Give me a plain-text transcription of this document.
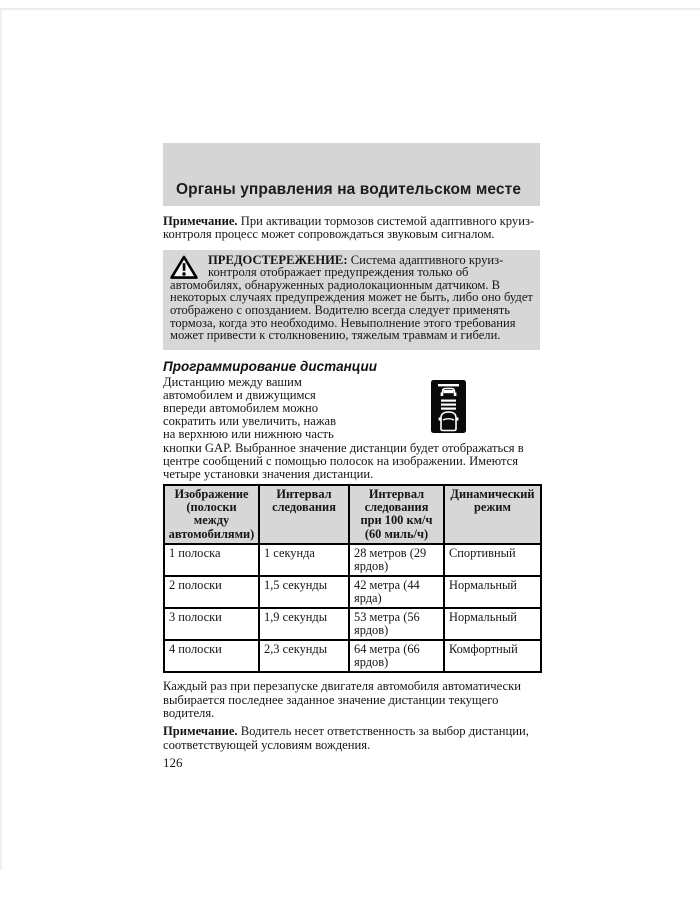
Органы управления на водительском месте

Примечание. При активации тормозов системой адаптивного круиз-контроля процесс может сопровождаться звуковым сигналом.

ПРЕДОСТЕРЕЖЕНИЕ: Система адаптивного круиз-контроля отображает предупреждения только об автомобилях, обнаруженных радиолокационным датчиком. В некоторых случаях предупреждения может не быть, либо оно будет отображено с опозданием. Водителю всегда следует применять тормоза, когда это необходимо. Невыполнение этого требования может привести к столкновению, тяжелым травмам и гибели.
Программирование дистанции
Дистанцию между вашим автомобилем и движущимся впереди автомобилем можно сократить или увеличить, нажав на верхнюю или нижнюю часть кнопки GAP. Выбранное значение дистанции будет отображаться в центре сообщений с помощью полосок на изображении. Имеются четыре установки значения дистанции.
Изображение (полоски между автомобилями)	Интервал следования	Интервал следования при 100 км/ч (60 миль/ч)	Динамический режим
1 полоска	1 секунда	28 метров (29 ярдов)	Спортивный
2 полоски	1,5 секунды	42 метра (44 ярда)	Нормальный
3 полоски	1,9 секунды	53 метра (56 ярдов)	Нормальный
4 полоски	2,3 секунды	64 метра (66 ярдов)	Комфортный

Каждый раз при перезапуске двигателя автомобиля автоматически выбирается последнее заданное значение дистанции текущего водителя.

Примечание. Водитель несет ответственность за выбор дистанции, соответствующей условиям вождения.

126
